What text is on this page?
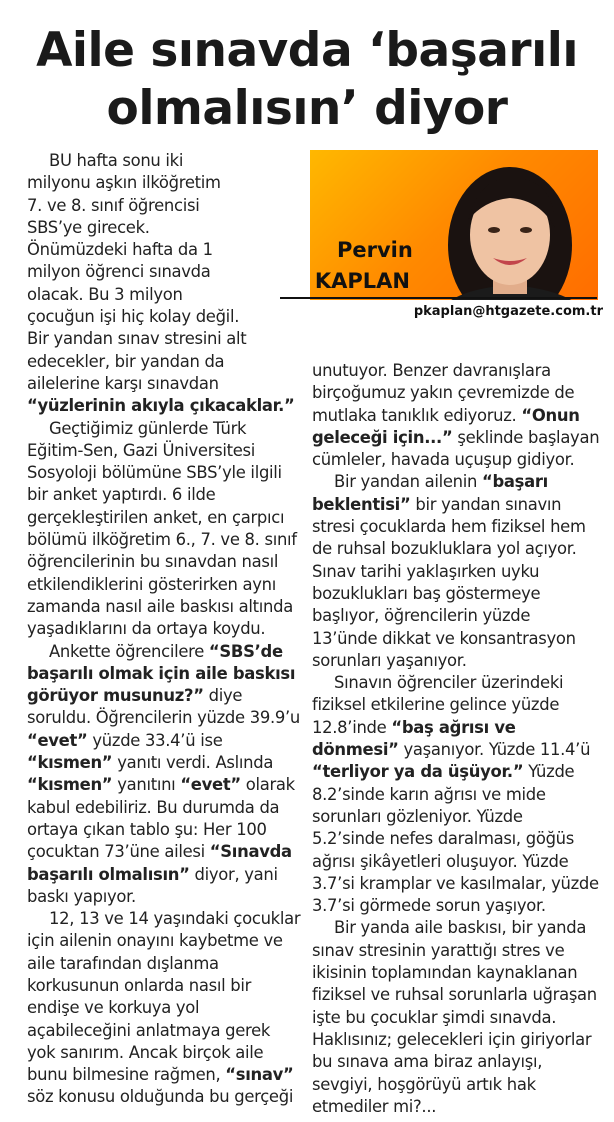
Aile sınavda ‘başarılı
olmalısın’ diyor
Pervin
KAPLAN
pkaplan@htgazete.com.tr
BU hafta sonu iki
milyonu aşkın ilköğretim
7. ve 8. sınıf öğrencisi
SBS’ye girecek.
Önümüzdeki hafta da 1
milyon öğrenci sınavda
olacak. Bu 3 milyon
çocuğun işi hiç kolay değil.
Bir yandan sınav stresini alt
edecekler, bir yandan da
ailelerine karşı sınavdan
“yüzlerinin akıyla çıkacaklar.”

Geçtiğimiz günlerde Türk Eğitim-Sen, Gazi Üniversitesi Sosyoloji bölümüne SBS’yle ilgili bir anket yaptırdı. 6 ilde gerçekleştirilen anket, en çarpıcı bölümü ilköğretim 6., 7. ve 8. sınıf öğrencilerinin bu sınavdan nasıl etkilendiklerini gösterirken aynı zamanda nasıl aile baskısı altında yaşadıklarını da ortaya koydu.

Ankette öğrencilere “SBS’de başarılı olmak için aile baskısı görüyor musunuz?” diye soruldu. Öğrencilerin yüzde 39.9’u “evet” yüzde 33.4’ü ise “kısmen” yanıtı verdi. Aslında “kısmen” yanıtını “evet” olarak kabul edebiliriz. Bu durumda da ortaya çıkan tablo şu: Her 100 çocuktan 73’üne ailesi “Sınavda başarılı olmalısın” diyor, yani baskı yapıyor.

12, 13 ve 14 yaşındaki çocuklar için ailenin onayını kaybetme ve aile tarafından dışlanma korkusunun onlarda nasıl bir endişe ve korkuya yol açabileceğini anlatmaya gerek yok sanırım. Ancak birçok aile bunu bilmesine rağmen, “sınav” söz konusu olduğunda bu gerçeği

unutuyor. Benzer davranışlara birçoğumuz yakın çevremizde de mutlaka tanıklık ediyoruz. “Onun geleceği için...” şeklinde başlayan cümleler, havada uçuşup gidiyor.

Bir yandan ailenin “başarı beklentisi” bir yandan sınavın stresi çocuklarda hem fiziksel hem de ruhsal bozukluklara yol açıyor. Sınav tarihi yaklaşırken uyku bozuklukları baş göstermeye başlıyor, öğrencilerin yüzde 13’ünde dikkat ve konsantrasyon sorunları yaşanıyor.

Sınavın öğrenciler üzerindeki fiziksel etkilerine gelince yüzde 12.8’inde “baş ağrısı ve dönmesi” yaşanıyor. Yüzde 11.4’ü “terliyor ya da üşüyor.” Yüzde 8.2’sinde karın ağrısı ve mide sorunları gözleniyor. Yüzde 5.2’sinde nefes daralması, göğüs ağrısı şikâyetleri oluşuyor. Yüzde 3.7’si kramplar ve kasılmalar, yüzde 3.7’si görmede sorun yaşıyor.

Bir yanda aile baskısı, bir yanda sınav stresinin yarattığı stres ve ikisinin toplamından kaynaklanan fiziksel ve ruhsal sorunlarla uğraşan işte bu çocuklar şimdi sınavda. Haklısınız; gelecekleri için giriyorlar bu sınava ama biraz anlayışı, sevgiyi, hoşgörüyü artık hak etmediler mi?...
